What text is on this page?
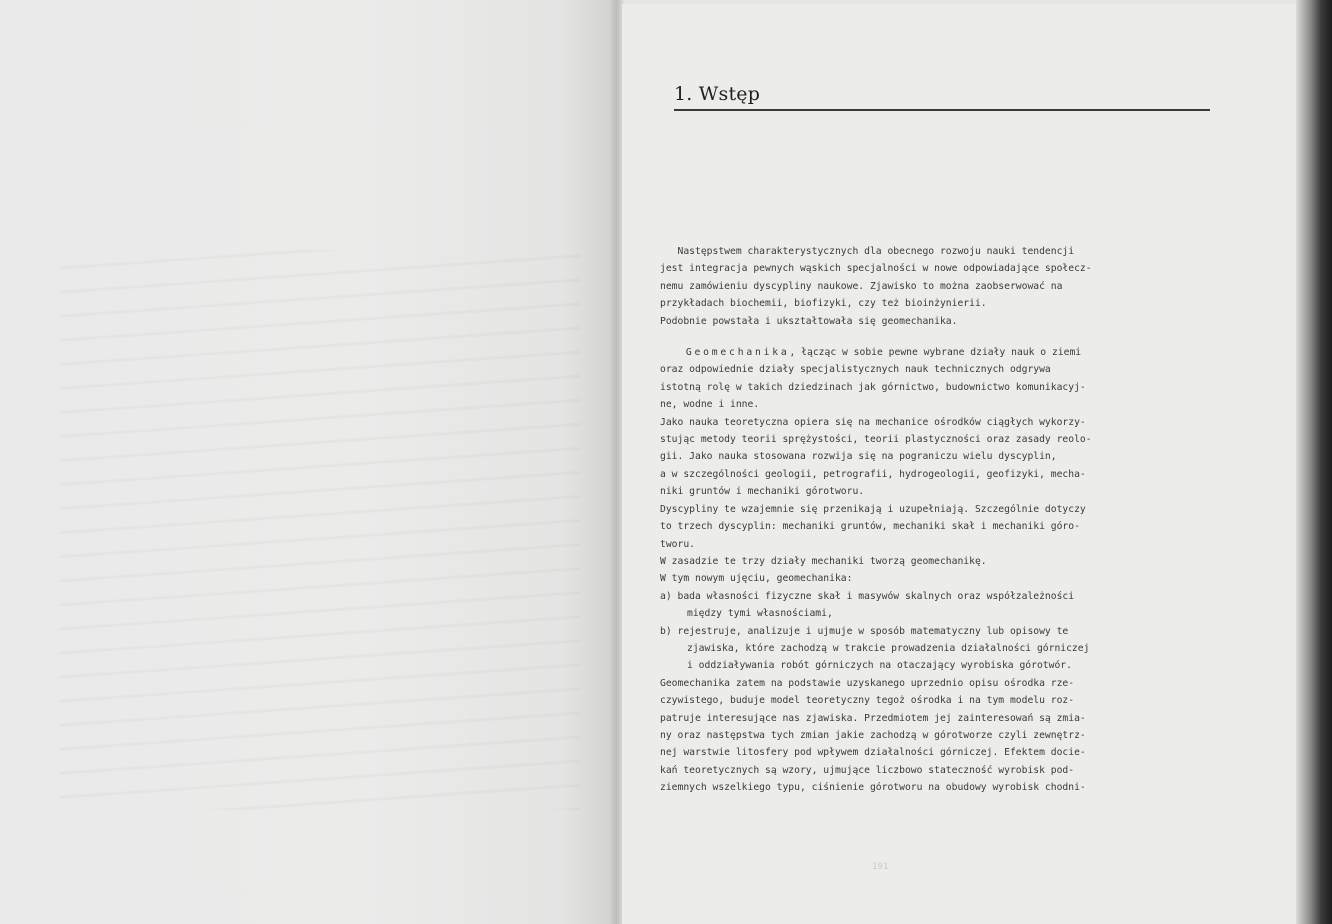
1. Wstęp
Następstwem charakterystycznych dla obecnego rozwoju nauki tendencji
jest integracja pewnych wąskich specjalności w nowe odpowiadające społecz-
nemu zamówieniu dyscypliny naukowe. Zjawisko to można zaobserwować na
przykładach biochemii, biofizyki, czy też bioinżynierii.
Podobnie powstała i ukształtowała się geomechanika.
Geomechanika, łącząc w sobie pewne wybrane działy nauk o ziemi
oraz odpowiednie działy specjalistycznych nauk technicznych odgrywa
istotną rolę w takich dziedzinach jak górnictwo, budownictwo komunikacyj-
ne, wodne i inne.
Jako nauka teoretyczna opiera się na mechanice ośrodków ciągłych wykorzy-
stując metody teorii sprężystości, teorii plastyczności oraz zasady reolo-
gii. Jako nauka stosowana rozwija się na pograniczu wielu dyscyplin,
a w szczególności geologii, petrografii, hydrogeologii, geofizyki, mecha-
niki gruntów i mechaniki górotworu.
Dyscypliny te wzajemnie się przenikają i uzupełniają. Szczególnie dotyczy
to trzech dyscyplin: mechaniki gruntów, mechaniki skał i mechaniki góro-
tworu.
W zasadzie te trzy działy mechaniki tworzą geomechanikę.
W tym nowym ujęciu, geomechanika:
a) bada własności fizyczne skał i masywów skalnych oraz współzależności
między tymi własnościami,
b) rejestruje, analizuje i ujmuje w sposób matematyczny lub opisowy te
zjawiska, które zachodzą w trakcie prowadzenia działalności górniczej
i oddziaływania robót górniczych na otaczający wyrobiska górotwór.
Geomechanika zatem na podstawie uzyskanego uprzednio opisu ośrodka rze-
czywistego, buduje model teoretyczny tegoż ośrodka i na tym modelu roz-
patruje interesujące nas zjawiska. Przedmiotem jej zainteresowań są zmia-
ny oraz następstwa tych zmian jakie zachodzą w górotworze czyli zewnętrz-
nej warstwie litosfery pod wpływem działalności górniczej. Efektem docie-
kań teoretycznych są wzory, ujmujące liczbowo stateczność wyrobisk pod-
ziemnych wszelkiego typu, ciśnienie górotworu na obudowy wyrobisk chodni-
191
